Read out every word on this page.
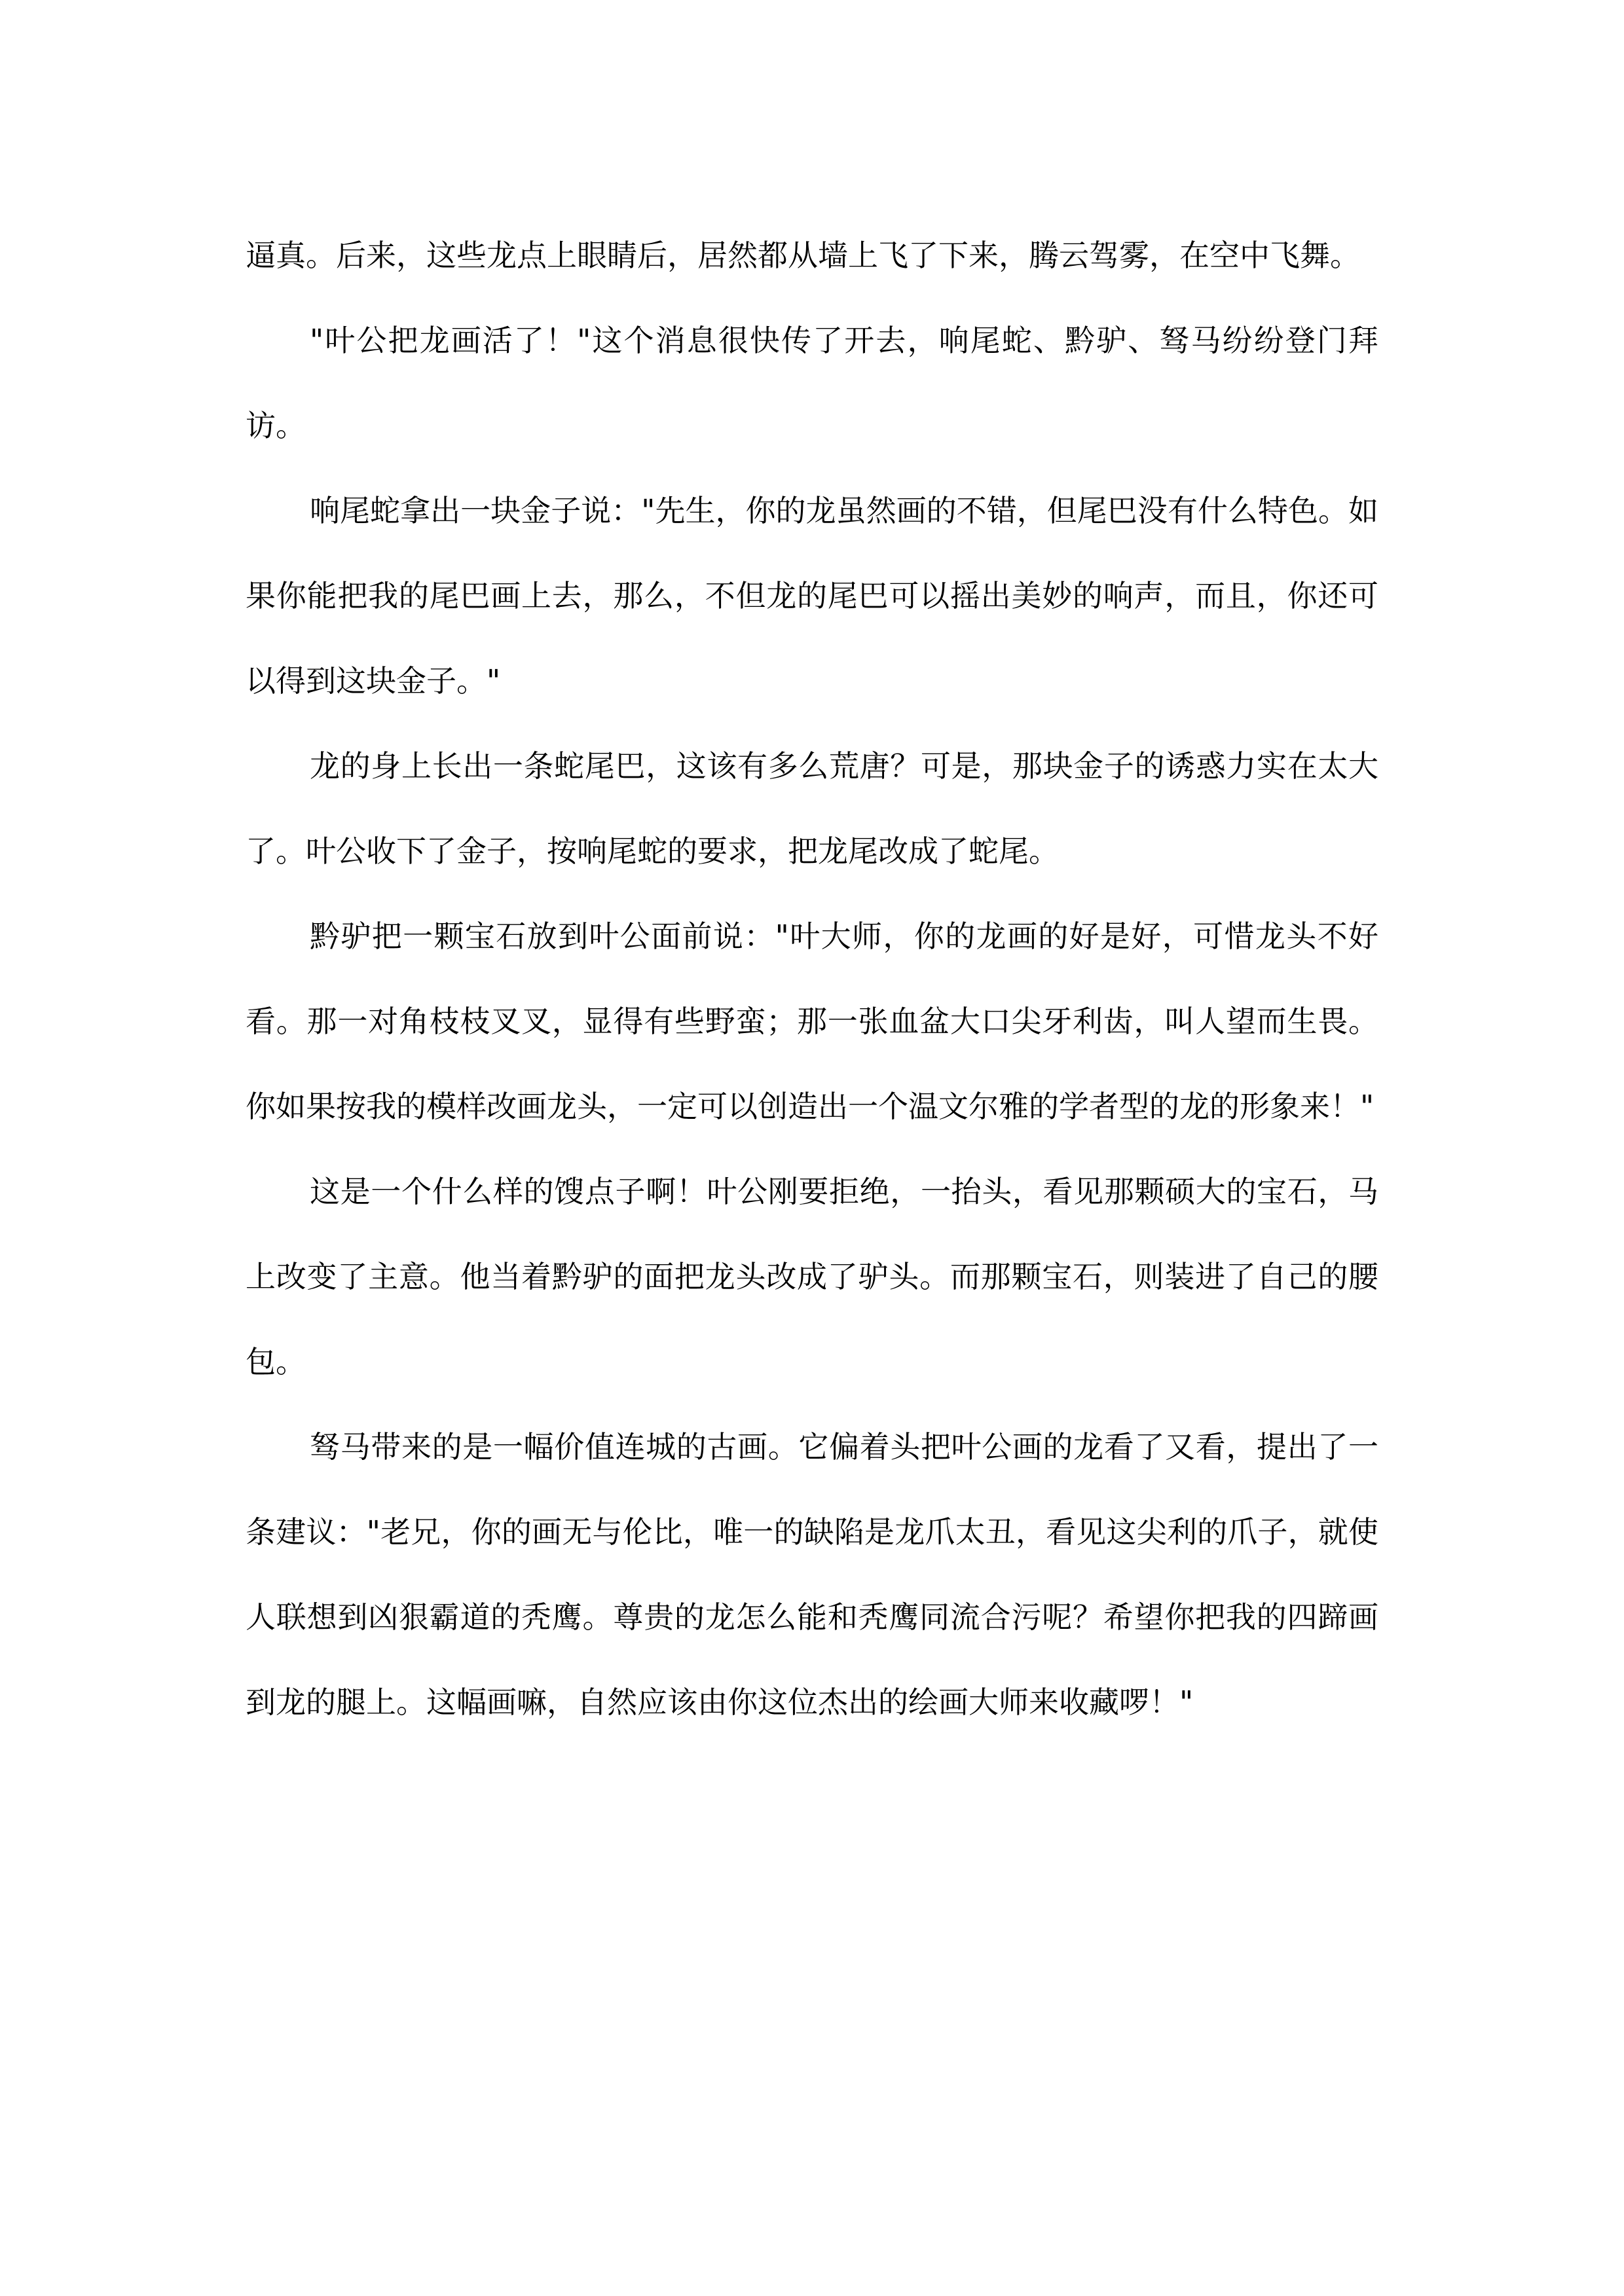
逼真。后来，这些龙点上眼睛后，居然都从墙上飞了下来，腾云驾雾，在空中飞舞。

"叶公把龙画活了！"这个消息很快传了开去，响尾蛇、黔驴、驽马纷纷登门拜访。

响尾蛇拿出一块金子说："先生，你的龙虽然画的不错，但尾巴没有什么特色。如果你能把我的尾巴画上去，那么，不但龙的尾巴可以摇出美妙的响声，而且，你还可以得到这块金子。"

龙的身上长出一条蛇尾巴，这该有多么荒唐？可是，那块金子的诱惑力实在太大了。叶公收下了金子，按响尾蛇的要求，把龙尾改成了蛇尾。

黔驴把一颗宝石放到叶公面前说："叶大师，你的龙画的好是好，可惜龙头不好看。那一对角枝枝叉叉，显得有些野蛮；那一张血盆大口尖牙利齿，叫人望而生畏。你如果按我的模样改画龙头，一定可以创造出一个温文尔雅的学者型的龙的形象来！"

这是一个什么样的馊点子啊！叶公刚要拒绝，一抬头，看见那颗硕大的宝石，马上改变了主意。他当着黔驴的面把龙头改成了驴头。而那颗宝石，则装进了自己的腰包。

驽马带来的是一幅价值连城的古画。它偏着头把叶公画的龙看了又看，提出了一条建议："老兄，你的画无与伦比，唯一的缺陷是龙爪太丑，看见这尖利的爪子，就使人联想到凶狠霸道的秃鹰。尊贵的龙怎么能和秃鹰同流合污呢？希望你把我的四蹄画到龙的腿上。这幅画嘛，自然应该由你这位杰出的绘画大师来收藏啰！"
